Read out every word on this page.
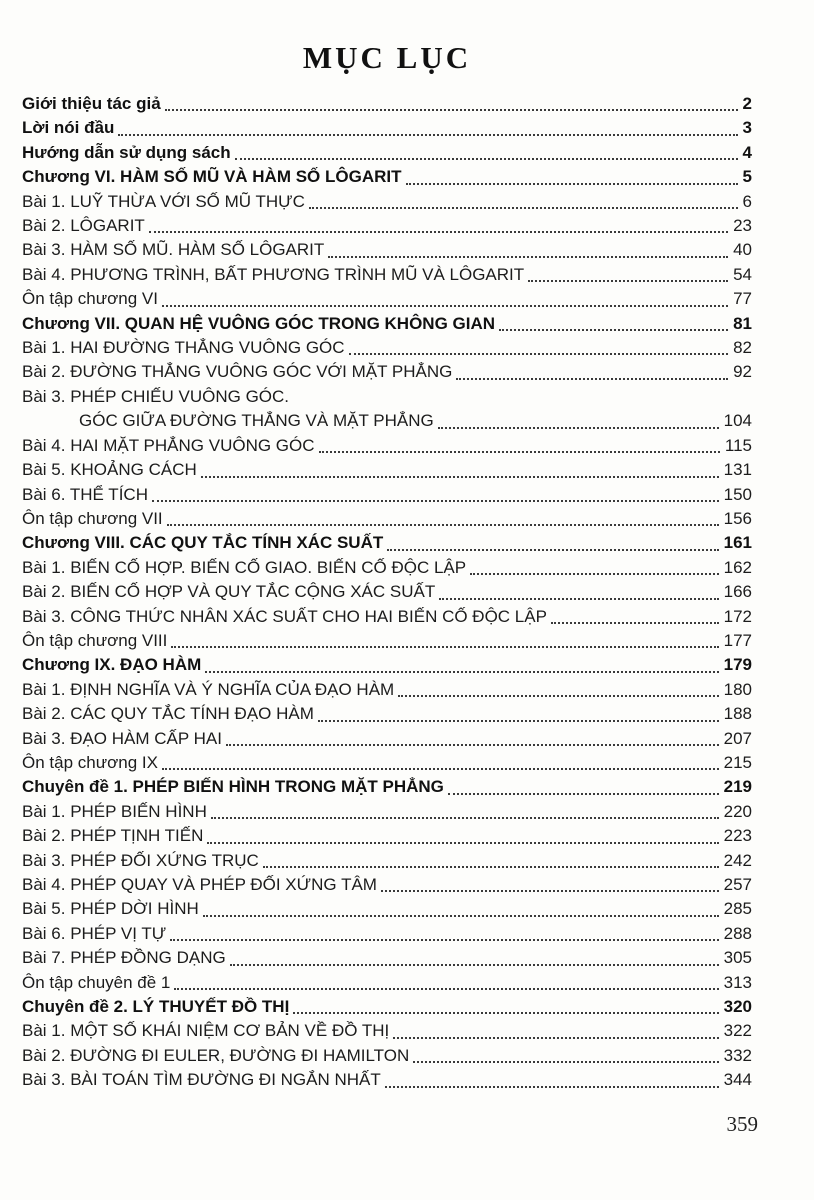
MỤC LỤC
Giới thiệu tác giả	2
Lời nói đầu	3
Hướng dẫn sử dụng sách	4
Chương VI. HÀM SỐ MŨ VÀ HÀM SỐ LÔGARIT	5
Bài 1. LUỸ THỪA VỚI SỐ MŨ THỰC	6
Bài 2. LÔGARIT	23
Bài 3. HÀM SỐ MŨ. HÀM SỐ LÔGARIT	40
Bài 4. PHƯƠNG TRÌNH, BẤT PHƯƠNG TRÌNH MŨ VÀ LÔGARIT	54
Ôn tập chương VI	77
Chương VII. QUAN HỆ VUÔNG GÓC TRONG KHÔNG GIAN	81
Bài 1. HAI ĐƯỜNG THẲNG VUÔNG GÓC	82
Bài 2. ĐƯỜNG THẲNG VUÔNG GÓC VỚI MẶT PHẲNG	92
Bài 3. PHÉP CHIẾU VUÔNG GÓC.
GÓC GIỮA ĐƯỜNG THẲNG VÀ MẶT PHẲNG	104
Bài 4. HAI MẶT PHẲNG VUÔNG GÓC	115
Bài 5. KHOẢNG CÁCH	131
Bài 6. THỂ TÍCH	150
Ôn tập chương VII	156
Chương VIII. CÁC QUY TẮC TÍNH XÁC SUẤT	161
Bài 1. BIẾN CỐ HỢP. BIẾN CỐ GIAO. BIẾN CỐ ĐỘC LẬP	162
Bài 2. BIẾN CỐ HỢP VÀ QUY TẮC CỘNG XÁC SUẤT	166
Bài 3. CÔNG THỨC NHÂN XÁC SUẤT CHO HAI BIẾN CỐ ĐỘC LẬP	172
Ôn tập chương VIII	177
Chương IX. ĐẠO HÀM	179
Bài 1. ĐỊNH NGHĨA VÀ Ý NGHĨA CỦA ĐẠO HÀM	180
Bài 2. CÁC QUY TẮC TÍNH ĐẠO HÀM	188
Bài 3. ĐẠO HÀM CẤP HAI	207
Ôn tập chương IX	215
Chuyên đề 1. PHÉP BIẾN HÌNH TRONG MẶT PHẲNG	219
Bài 1. PHÉP BIẾN HÌNH	220
Bài 2. PHÉP TỊNH TIẾN	223
Bài 3. PHÉP ĐỐI XỨNG TRỤC	242
Bài 4. PHÉP QUAY VÀ PHÉP ĐỐI XỨNG TÂM	257
Bài 5. PHÉP DỜI HÌNH	285
Bài 6. PHÉP VỊ TỰ	288
Bài 7. PHÉP ĐỒNG DẠNG	305
Ôn tập chuyên đề 1	313
Chuyên đề 2. LÝ THUYẾT ĐỒ THỊ	320
Bài 1. MỘT SỐ KHÁI NIỆM CƠ BẢN VỀ ĐỒ THỊ	322
Bài 2. ĐƯỜNG ĐI EULER, ĐƯỜNG ĐI HAMILTON	332
Bài 3. BÀI TOÁN TÌM ĐƯỜNG ĐI NGẮN NHẤT	344
359
